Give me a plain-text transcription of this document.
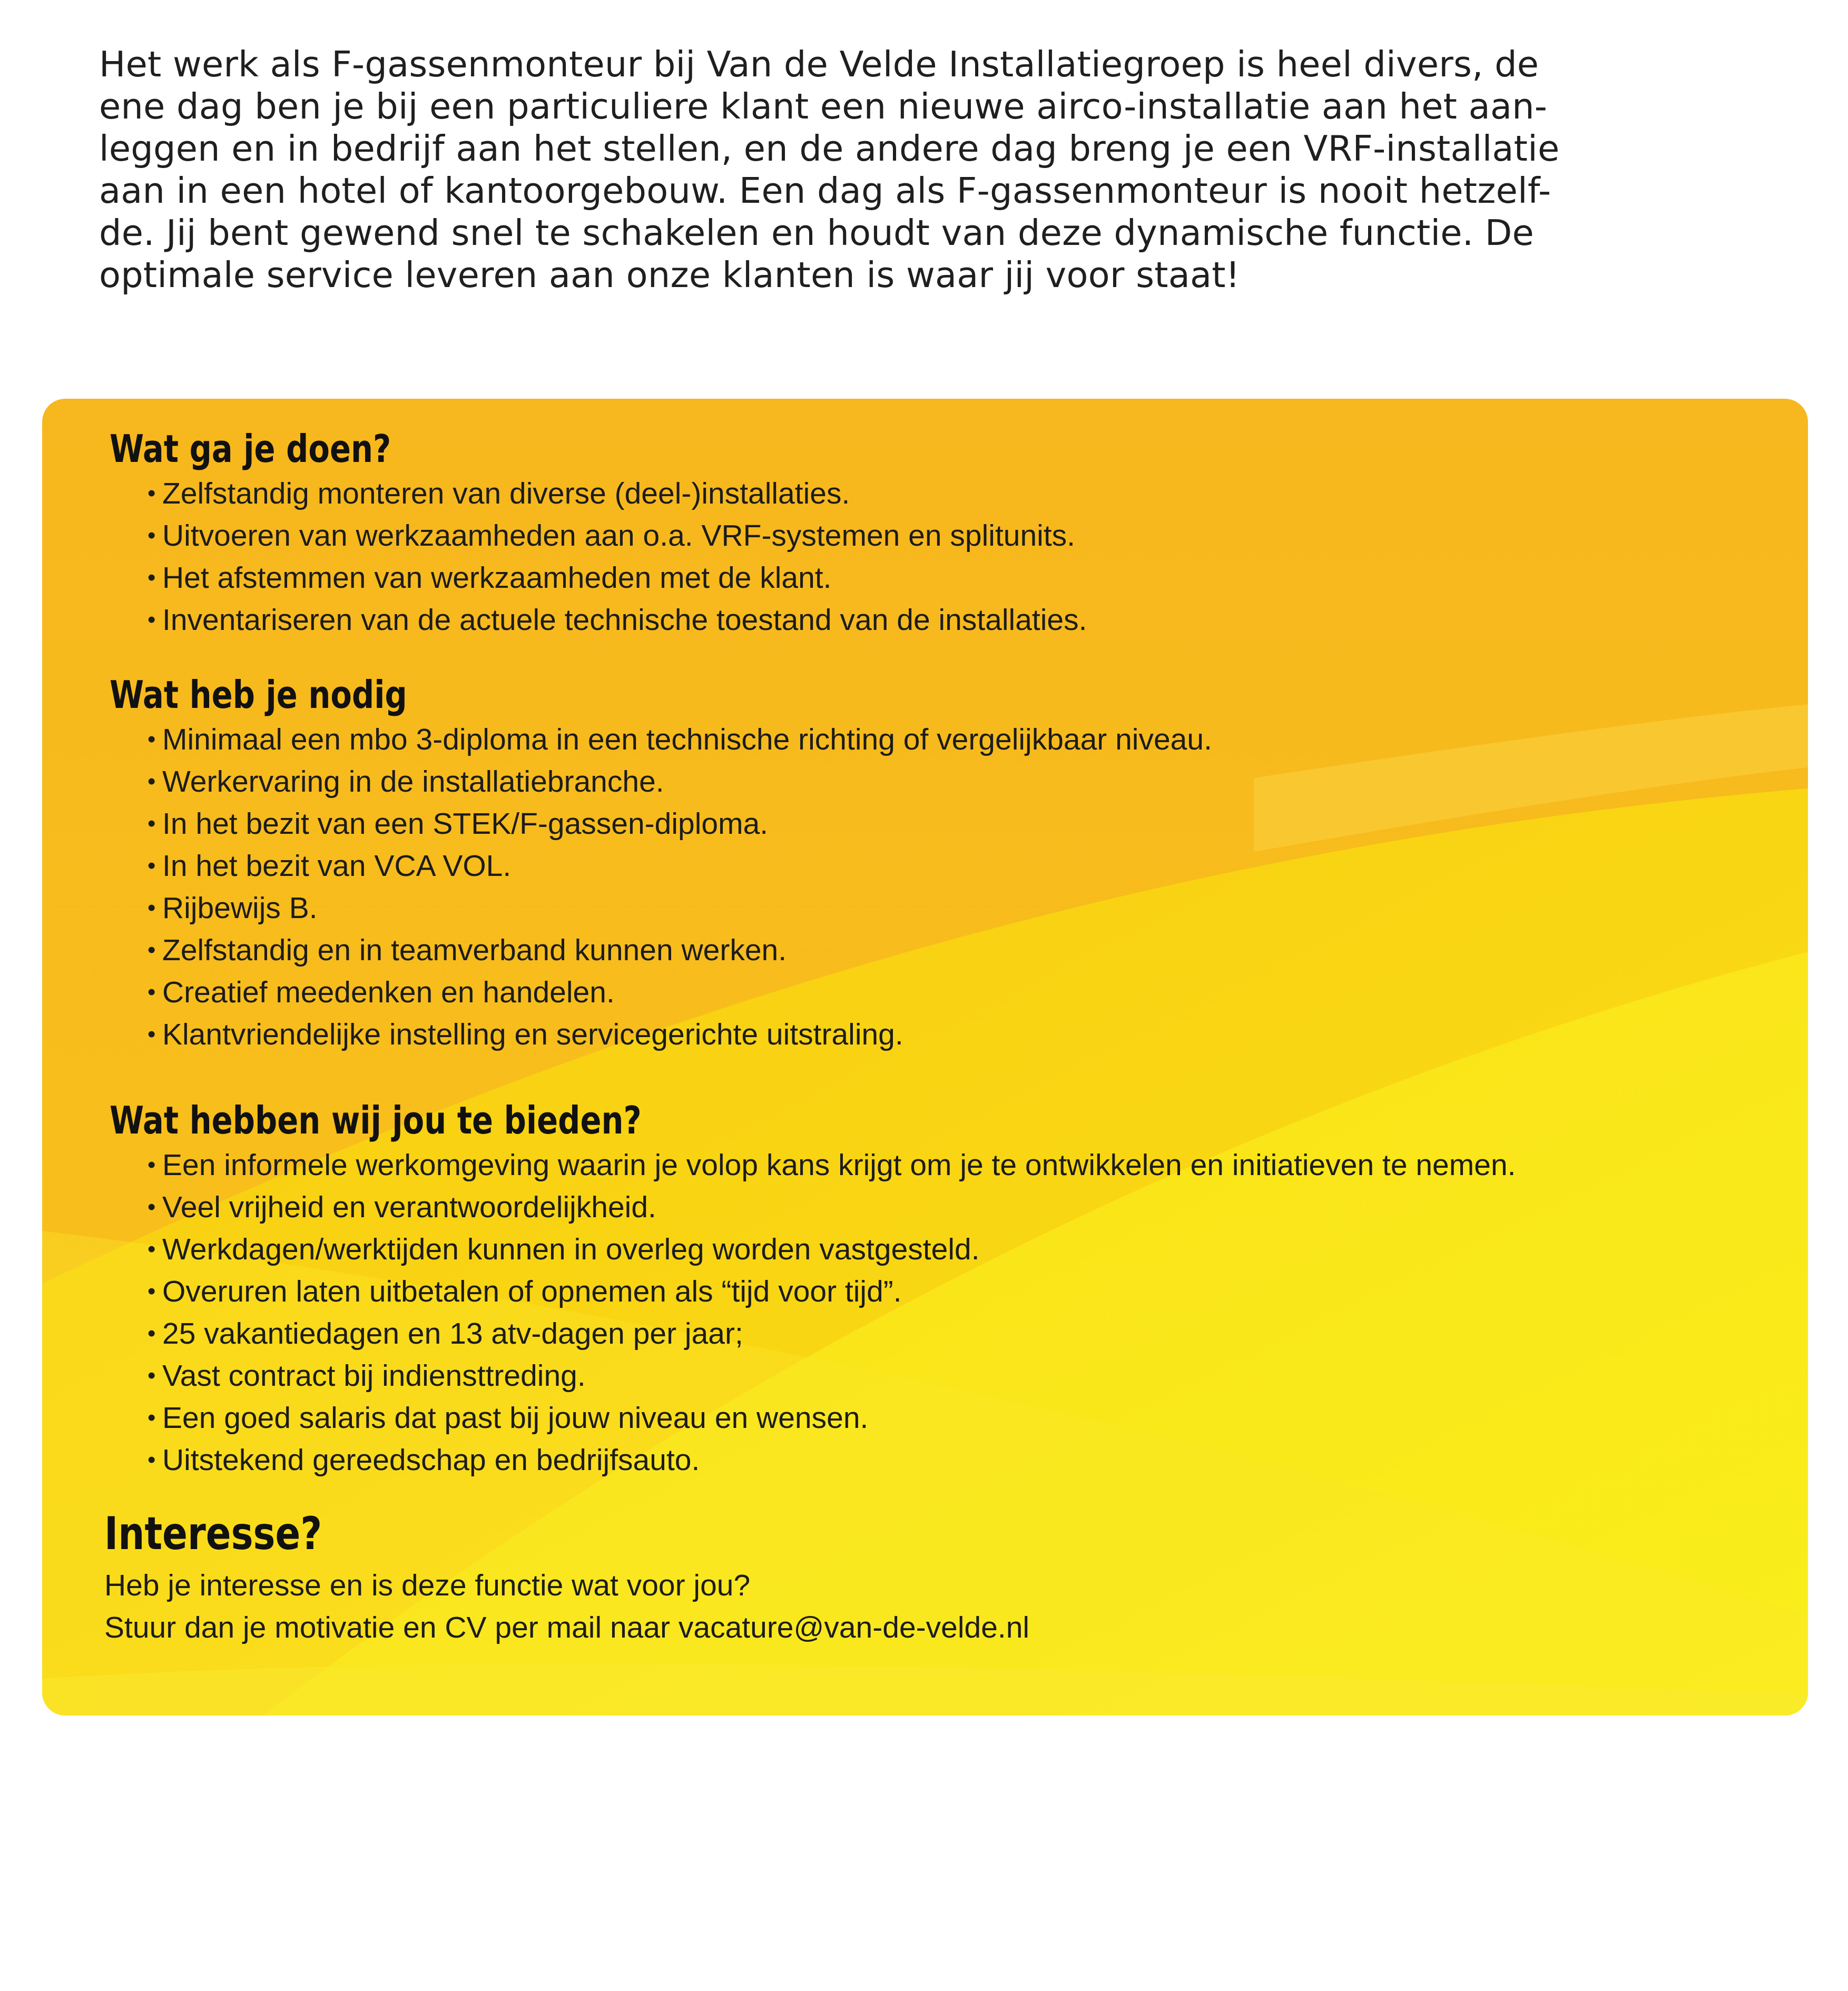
Het werk als F-gassenmonteur bij Van de Velde Installatiegroep is heel divers, de
ene dag ben je bij een particuliere klant een nieuwe airco-installatie aan het aan-
leggen en in bedrijf aan het stellen, en de andere dag breng je een VRF-installatie
aan in een hotel of kantoorgebouw. Een dag als F-gassenmonteur is nooit hetzelf-
de. Jij bent gewend snel te schakelen en houdt van deze dynamische functie. De
optimale service leveren aan onze klanten is waar jij voor staat!

Wat ga je doen?
• Zelfstandig monteren van diverse (deel-)installaties.
• Uitvoeren van werkzaamheden aan o.a. VRF-systemen en splitunits.
• Het afstemmen van werkzaamheden met de klant.
• Inventariseren van de actuele technische toestand van de installaties.
Wat heb je nodig
• Minimaal een mbo 3-diploma in een technische richting of vergelijkbaar niveau.
• Werkervaring in de installatiebranche.
• In het bezit van een STEK/F-gassen-diploma.
• In het bezit van VCA VOL.
• Rijbewijs B.
• Zelfstandig en in teamverband kunnen werken.
• Creatief meedenken en handelen.
• Klantvriendelijke instelling en servicegerichte uitstraling.
Wat hebben wij jou te bieden?
• Een informele werkomgeving waarin je volop kans krijgt om je te ontwikkelen en initiatieven te nemen.
• Veel vrijheid en verantwoordelijkheid.
• Werkdagen/werktijden kunnen in overleg worden vastgesteld.
• Overuren laten uitbetalen of opnemen als “tijd voor tijd”.
• 25 vakantiedagen en 13 atv-dagen per jaar;
• Vast contract bij indiensttreding.
• Een goed salaris dat past bij jouw niveau en wensen.
• Uitstekend gereedschap en bedrijfsauto.
Interesse?

Heb je interesse en is deze functie wat voor jou?
Stuur dan je motivatie en CV per mail naar vacature@van-de-velde.nl
